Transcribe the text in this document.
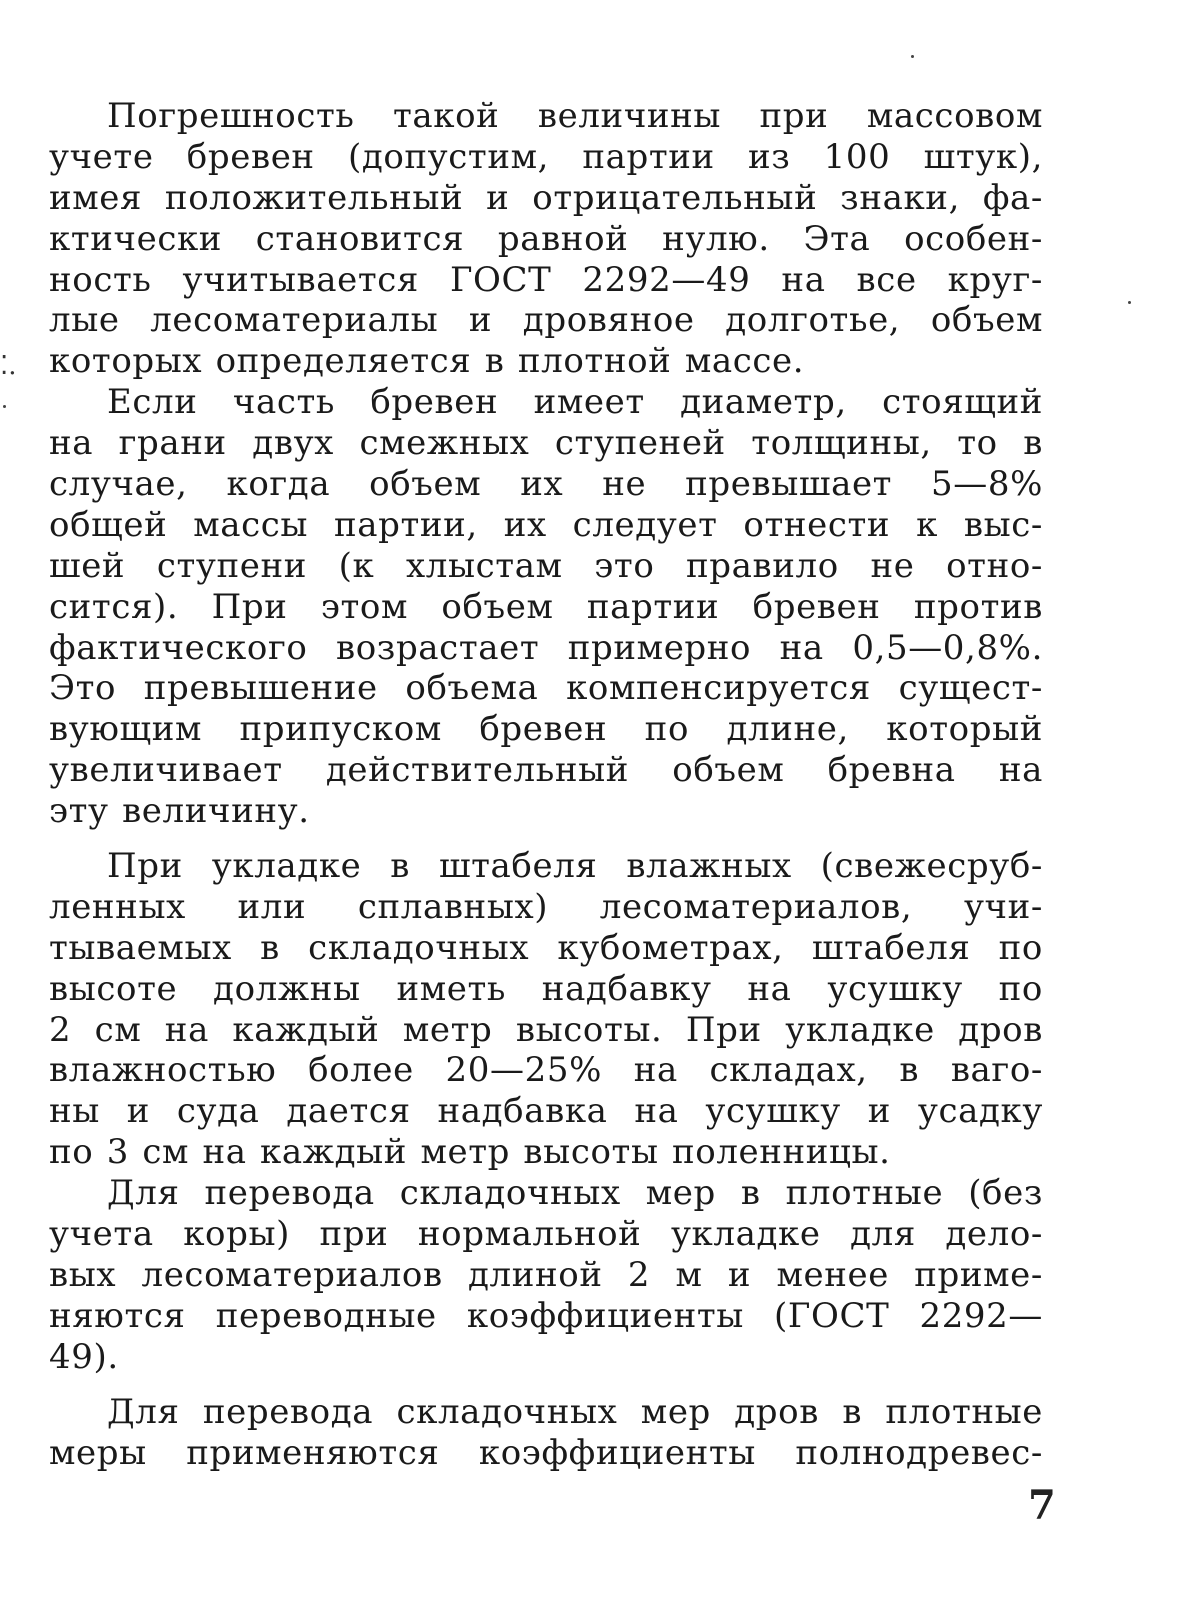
⁚.
Погрешность такой величины при массовом
учете бревен (допустим, партии из 100 штук),
имея положительный и отрицательный знаки, фа-
ктически становится равной нулю. Эта особен-
ность учитывается ГОСТ 2292—49 на все круг-
лые лесоматериалы и дровяное долготье, объем
которых определяется в плотной массе.
Если часть бревен имеет диаметр, стоящий
на грани двух смежных ступеней толщины, то в
случае, когда объем их не превышает 5—8%
общей массы партии, их следует отнести к выс-
шей ступени (к хлыстам это правило не отно-
сится). При этом объем партии бревен против
фактического возрастает примерно на 0,5—0,8%.
Это превышение объема компенсируется сущест-
вующим припуском бревен по длине, который
увеличивает действительный объем бревна на
эту величину.
При укладке в штабеля влажных (свежесруб-
ленных или сплавных) лесоматериалов, учи-
тываемых в складочных кубометрах, штабеля по
высоте должны иметь надбавку на усушку по
2 см на каждый метр высоты. При укладке дров
влажностью более 20—25% на складах, в ваго-
ны и суда дается надбавка на усушку и усадку
по 3 см на каждый метр высоты поленницы.
Для перевода складочных мер в плотные (без
учета коры) при нормальной укладке для дело-
вых лесоматериалов длиной 2 м и менее приме-
няются переводные коэффициенты (ГОСТ 2292—
49).
Для перевода складочных мер дров в плотные
меры применяются коэффициенты полнодревес-
7
